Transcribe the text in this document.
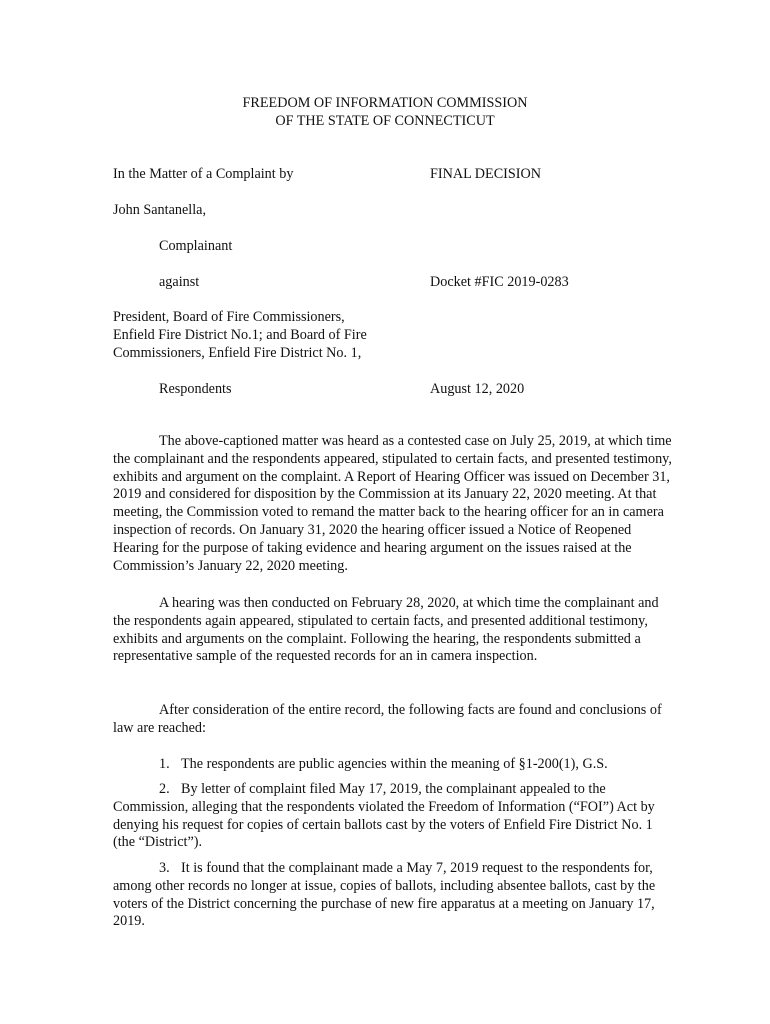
FREEDOM OF INFORMATION COMMISSION
OF THE STATE OF CONNECTICUT
In the Matter of a Complaint by	FINAL DECISION
John Santanella,
Complainant
against	Docket #FIC 2019-0283
President, Board of Fire Commissioners,
Enfield Fire District No.1; and Board of Fire
Commissioners, Enfield Fire District No. 1,
Respondents	August 12, 2020
The above-captioned matter was heard as a contested case on July 25, 2019, at which time the complainant and the respondents appeared, stipulated to certain facts, and presented testimony, exhibits and argument on the complaint. A Report of Hearing Officer was issued on December 31, 2019 and considered for disposition by the Commission at its January 22, 2020 meeting. At that meeting, the Commission voted to remand the matter back to the hearing officer for an in camera inspection of records. On January 31, 2020 the hearing officer issued a Notice of Reopened Hearing for the purpose of taking evidence and hearing argument on the issues raised at the Commission’s January 22, 2020 meeting.
A hearing was then conducted on February 28, 2020, at which time the complainant and the respondents again appeared, stipulated to certain facts, and presented additional testimony, exhibits and arguments on the complaint. Following the hearing, the respondents submitted a representative sample of the requested records for an in camera inspection.
After consideration of the entire record, the following facts are found and conclusions of law are reached:
1. The respondents are public agencies within the meaning of §1-200(1), G.S.
2. By letter of complaint filed May 17, 2019, the complainant appealed to the Commission, alleging that the respondents violated the Freedom of Information (“FOI”) Act by denying his request for copies of certain ballots cast by the voters of Enfield Fire District No. 1 (the “District”).
3. It is found that the complainant made a May 7, 2019 request to the respondents for, among other records no longer at issue, copies of ballots, including absentee ballots, cast by the voters of the District concerning the purchase of new fire apparatus at a meeting on January 17, 2019.
